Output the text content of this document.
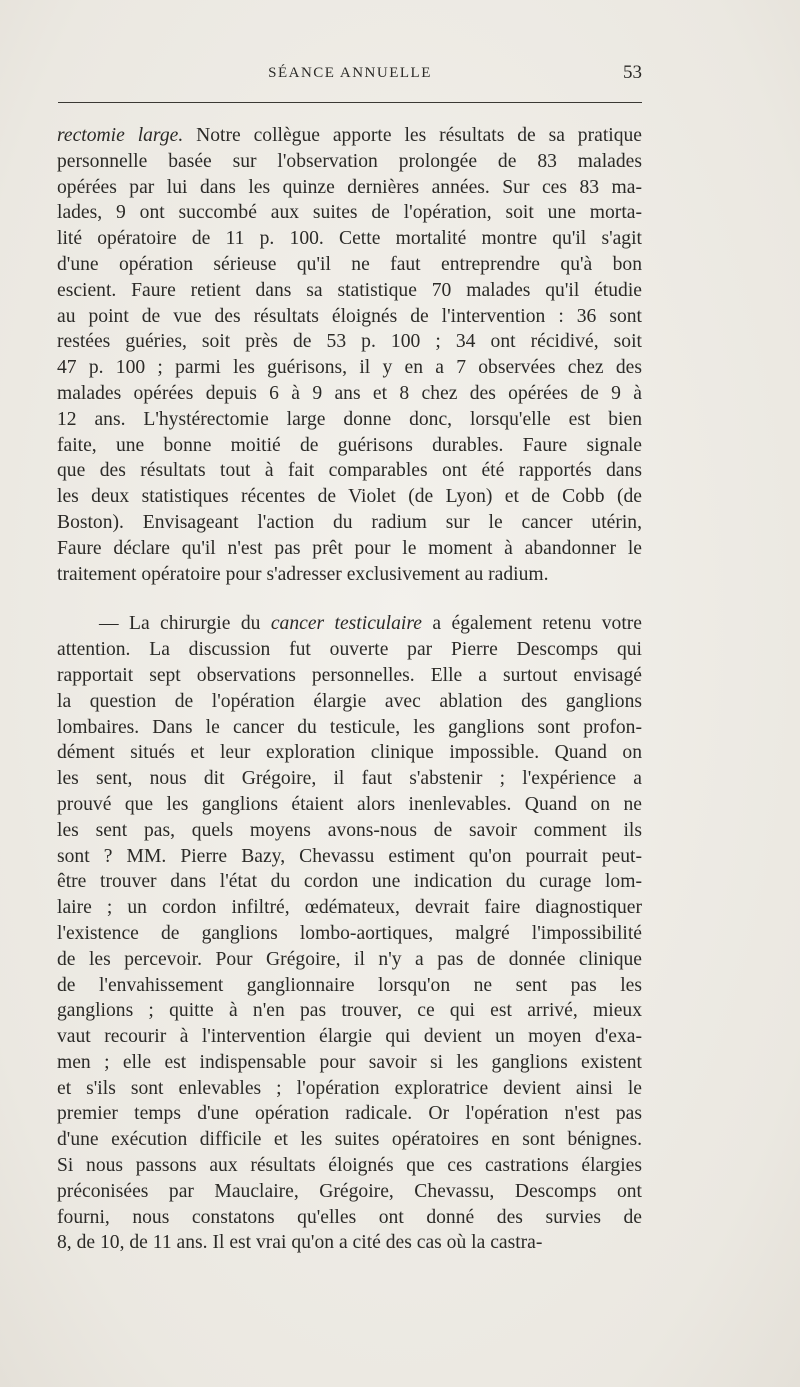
SÉANCE ANNUELLE	53
rectomie large. Notre collègue apporte les résultats de sa pratique
personnelle basée sur l'observation prolongée de 83 malades
opérées par lui dans les quinze dernières années. Sur ces 83 ma-
lades, 9 ont succombé aux suites de l'opération, soit une morta-
lité opératoire de 11 p. 100. Cette mortalité montre qu'il s'agit
d'une opération sérieuse qu'il ne faut entreprendre qu'à bon
escient. Faure retient dans sa statistique 70 malades qu'il étudie
au point de vue des résultats éloignés de l'intervention : 36 sont
restées guéries, soit près de 53 p. 100 ; 34 ont récidivé, soit
47 p. 100 ; parmi les guérisons, il y en a 7 observées chez des
malades opérées depuis 6 à 9 ans et 8 chez des opérées de 9 à
12 ans. L'hystérectomie large donne donc, lorsqu'elle est bien
faite, une bonne moitié de guérisons durables. Faure signale
que des résultats tout à fait comparables ont été rapportés dans
les deux statistiques récentes de Violet (de Lyon) et de Cobb (de
Boston). Envisageant l'action du radium sur le cancer utérin,
Faure déclare qu'il n'est pas prêt pour le moment à abandonner le
traitement opératoire pour s'adresser exclusivement au radium.
— La chirurgie du cancer testiculaire a également retenu votre
attention. La discussion fut ouverte par Pierre Descomps qui
rapportait sept observations personnelles. Elle a surtout envisagé
la question de l'opération élargie avec ablation des ganglions
lombaires. Dans le cancer du testicule, les ganglions sont profon-
dément situés et leur exploration clinique impossible. Quand on
les sent, nous dit Grégoire, il faut s'abstenir ; l'expérience a
prouvé que les ganglions étaient alors inenlevables. Quand on ne
les sent pas, quels moyens avons-nous de savoir comment ils
sont ? MM. Pierre Bazy, Chevassu estiment qu'on pourrait peut-
être trouver dans l'état du cordon une indication du curage lom-
laire ; un cordon infiltré, œdémateux, devrait faire diagnostiquer
l'existence de ganglions lombo-aortiques, malgré l'impossibilité
de les percevoir. Pour Grégoire, il n'y a pas de donnée clinique
de l'envahissement ganglionnaire lorsqu'on ne sent pas les
ganglions ; quitte à n'en pas trouver, ce qui est arrivé, mieux
vaut recourir à l'intervention élargie qui devient un moyen d'exa-
men ; elle est indispensable pour savoir si les ganglions existent
et s'ils sont enlevables ; l'opération exploratrice devient ainsi le
premier temps d'une opération radicale. Or l'opération n'est pas
d'une exécution difficile et les suites opératoires en sont bénignes.
Si nous passons aux résultats éloignés que ces castrations élargies
préconisées par Mauclaire, Grégoire, Chevassu, Descomps ont
fourni, nous constatons qu'elles ont donné des survies de
8, de 10, de 11 ans. Il est vrai qu'on a cité des cas où la castra-
